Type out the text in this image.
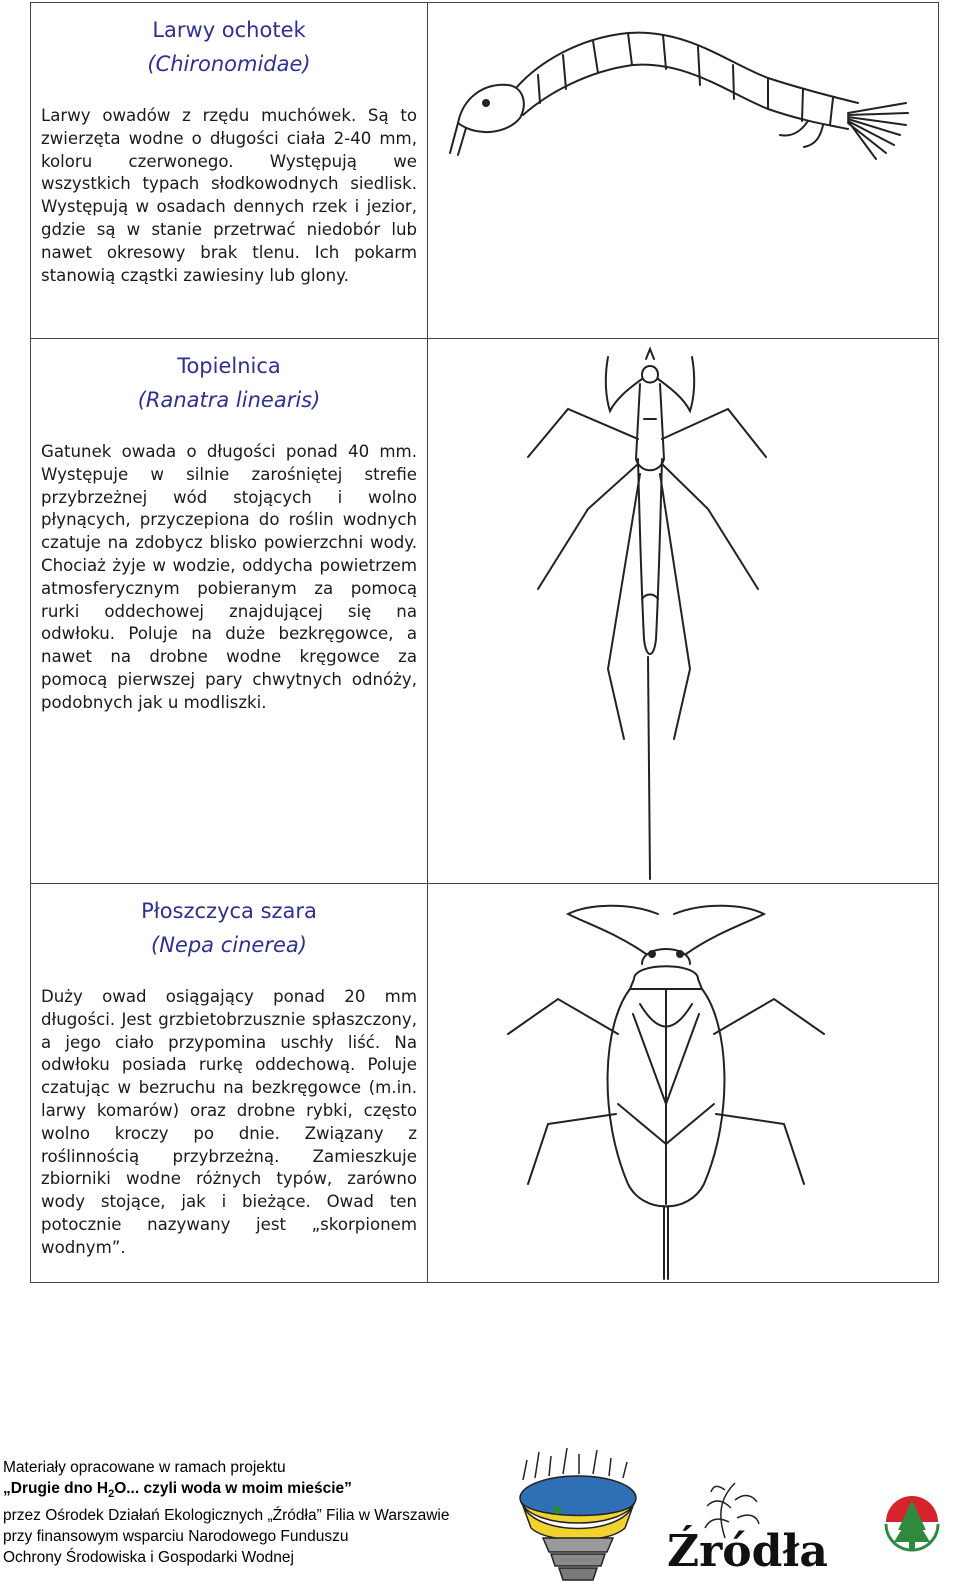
Larwy ochotek

(Chironomidae)

Larwy owadów z rzędu muchówek. Są to zwierzęta wodne o długości ciała 2-40 mm, koloru czerwonego. Występują we wszystkich typach słodkowodnych siedlisk. Występują w osadach dennych rzek i jezior, gdzie są w stanie przetrwać niedobór lub nawet okresowy brak tlenu. Ich pokarm stanowią cząstki zawiesiny lub glony.

Topielnica

(Ranatra linearis)

Gatunek owada o długości ponad 40 mm. Występuje w silnie zarośniętej strefie przybrzeżnej wód stojących i wolno płynących, przyczepiona do roślin wodnych czatuje na zdobycz blisko powierzchni wody. Chociaż żyje w wodzie, oddycha powietrzem atmosferycznym pobieranym za pomocą rurki oddechowej znajdującej się na odwłoku. Poluje na duże bezkręgowce, a nawet na drobne wodne kręgowce za pomocą pierwszej pary chwytnych odnóży, podobnych jak u modliszki.

Płoszczyca szara

(Nepa cinerea)

Duży owad osiągający ponad 20 mm długości. Jest grzbietobrzusznie spłaszczony, a jego ciało przypomina uschły liść. Na odwłoku posiada rurkę oddechową. Poluje czatując w bezruchu na bezkręgowce (m.in. larwy komarów) oraz drobne rybki, często wolno kroczy po dnie. Związany z roślinnością przybrzeżną. Zamieszkuje zbiorniki wodne różnych typów, zarówno wody stojące, jak i bieżące. Owad ten potocznie nazywany jest „skorpionem wodnym”.

Materiały opracowane w ramach projektu
„Drugie dno $H_2O$... czyli woda w moim mieście”
przez Ośrodek Działań Ekologicznych „Źródła” Filia w Warszawie
przy finansowym wsparciu Narodowego Funduszu
Ochrony Środowiska i Gospodarki Wodnej	Źródła
